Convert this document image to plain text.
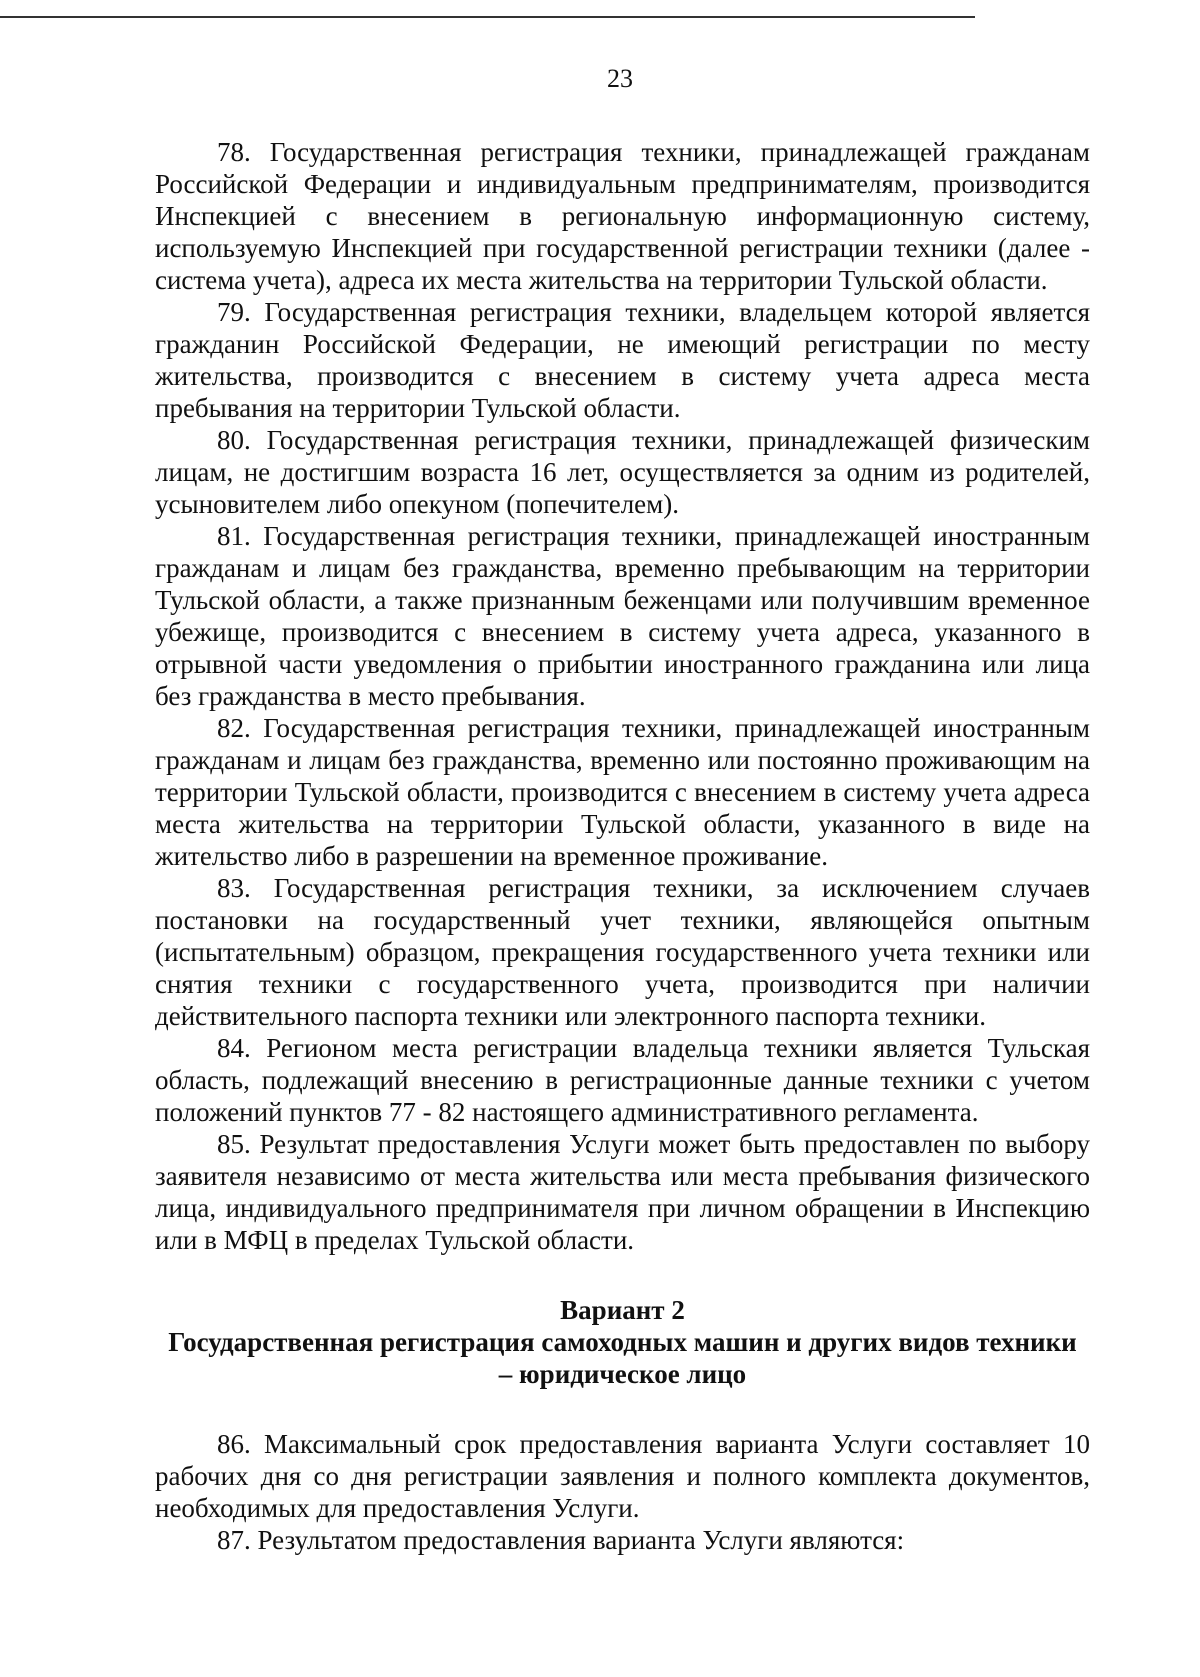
23

78. Государственная регистрация техники, принадлежащей гражданам Российской Федерации и индивидуальным предпринимателям, производится Инспекцией с внесением в региональную информационную систему, используемую Инспекцией при государственной регистрации техники (далее - система учета), адреса их места жительства на территории Тульской области.

79. Государственная регистрация техники, владельцем которой является гражданин Российской Федерации, не имеющий регистрации по месту жительства, производится с внесением в систему учета адреса места пребывания на территории Тульской области.

80. Государственная регистрация техники, принадлежащей физическим лицам, не достигшим возраста 16 лет, осуществляется за одним из родителей, усыновителем либо опекуном (попечителем).

81. Государственная регистрация техники, принадлежащей иностранным гражданам и лицам без гражданства, временно пребывающим на территории Тульской области, а также признанным беженцами или получившим временное убежище, производится с внесением в систему учета адреса, указанного в отрывной части уведомления о прибытии иностранного гражданина или лица без гражданства в место пребывания.

82. Государственная регистрация техники, принадлежащей иностранным гражданам и лицам без гражданства, временно или постоянно проживающим на территории Тульской области, производится с внесением в систему учета адреса места жительства на территории Тульской области, указанного в виде на жительство либо в разрешении на временное проживание.

83. Государственная регистрация техники, за исключением случаев постановки на государственный учет техники, являющейся опытным (испытательным) образцом, прекращения государственного учета техники или снятия техники с государственного учета, производится при наличии действительного паспорта техники или электронного паспорта техники.

84. Регионом места регистрации владельца техники является Тульская область, подлежащий внесению в регистрационные данные техники с учетом положений пунктов 77 - 82 настоящего административного регламента.

85. Результат предоставления Услуги может быть предоставлен по выбору заявителя независимо от места жительства или места пребывания физического лица, индивидуального предпринимателя при личном обращении в Инспекцию или в МФЦ в пределах Тульской области.

Вариант 2
Государственная регистрация самоходных машин и других видов техники
– юридическое лицо

86. Максимальный срок предоставления варианта Услуги составляет 10 рабочих дня со дня регистрации заявления и полного комплекта документов, необходимых для предоставления Услуги.

87. Результатом предоставления варианта Услуги являются:
